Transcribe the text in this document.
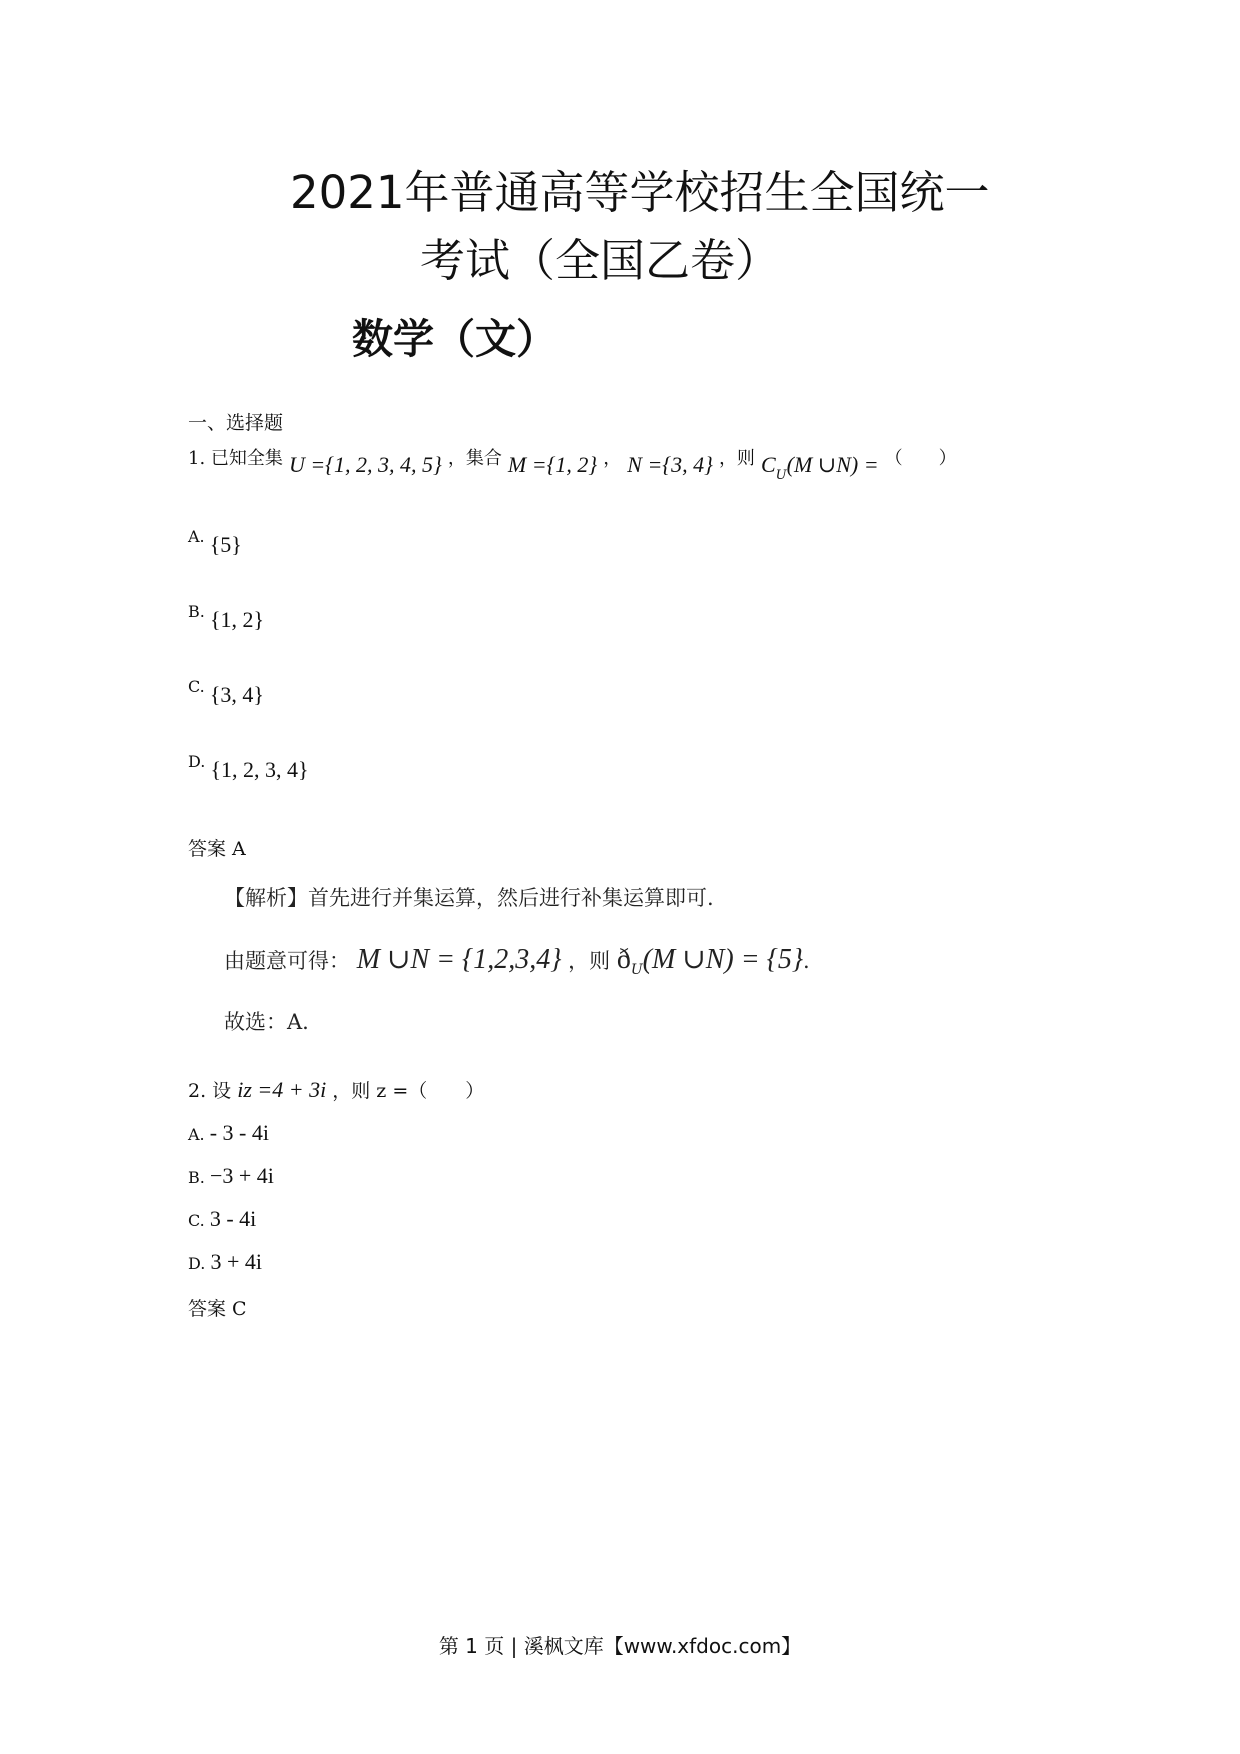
2021年普通高等学校招生全国统一
考试（全国乙卷）
数学（文）
一、选择题
1. 已知全集 U ={1, 2, 3, 4, 5} ，集合 M ={1, 2} ， N ={3, 4} ，则 $C_U(M$ ∪N) = （　　）
A. {5}
B. {1, 2}
C. {3, 4}
D. {1, 2, 3, 4}
答案 A
【解析】首先进行并集运算，然后进行补集运算即可.
由题意可得： M ∪N = {1,2,3,4} ，则 $ð_U(M$ ∪N) = {5}.
故选：A.
2. 设 iz =4 + 3i ，则 z =（　　）
A. - 3 - 4i
B. −3 + 4i
C. 3 - 4i
D. 3 + 4i
答案 C
第 1 页 | 溪枫文库【www.xfdoc.com】
